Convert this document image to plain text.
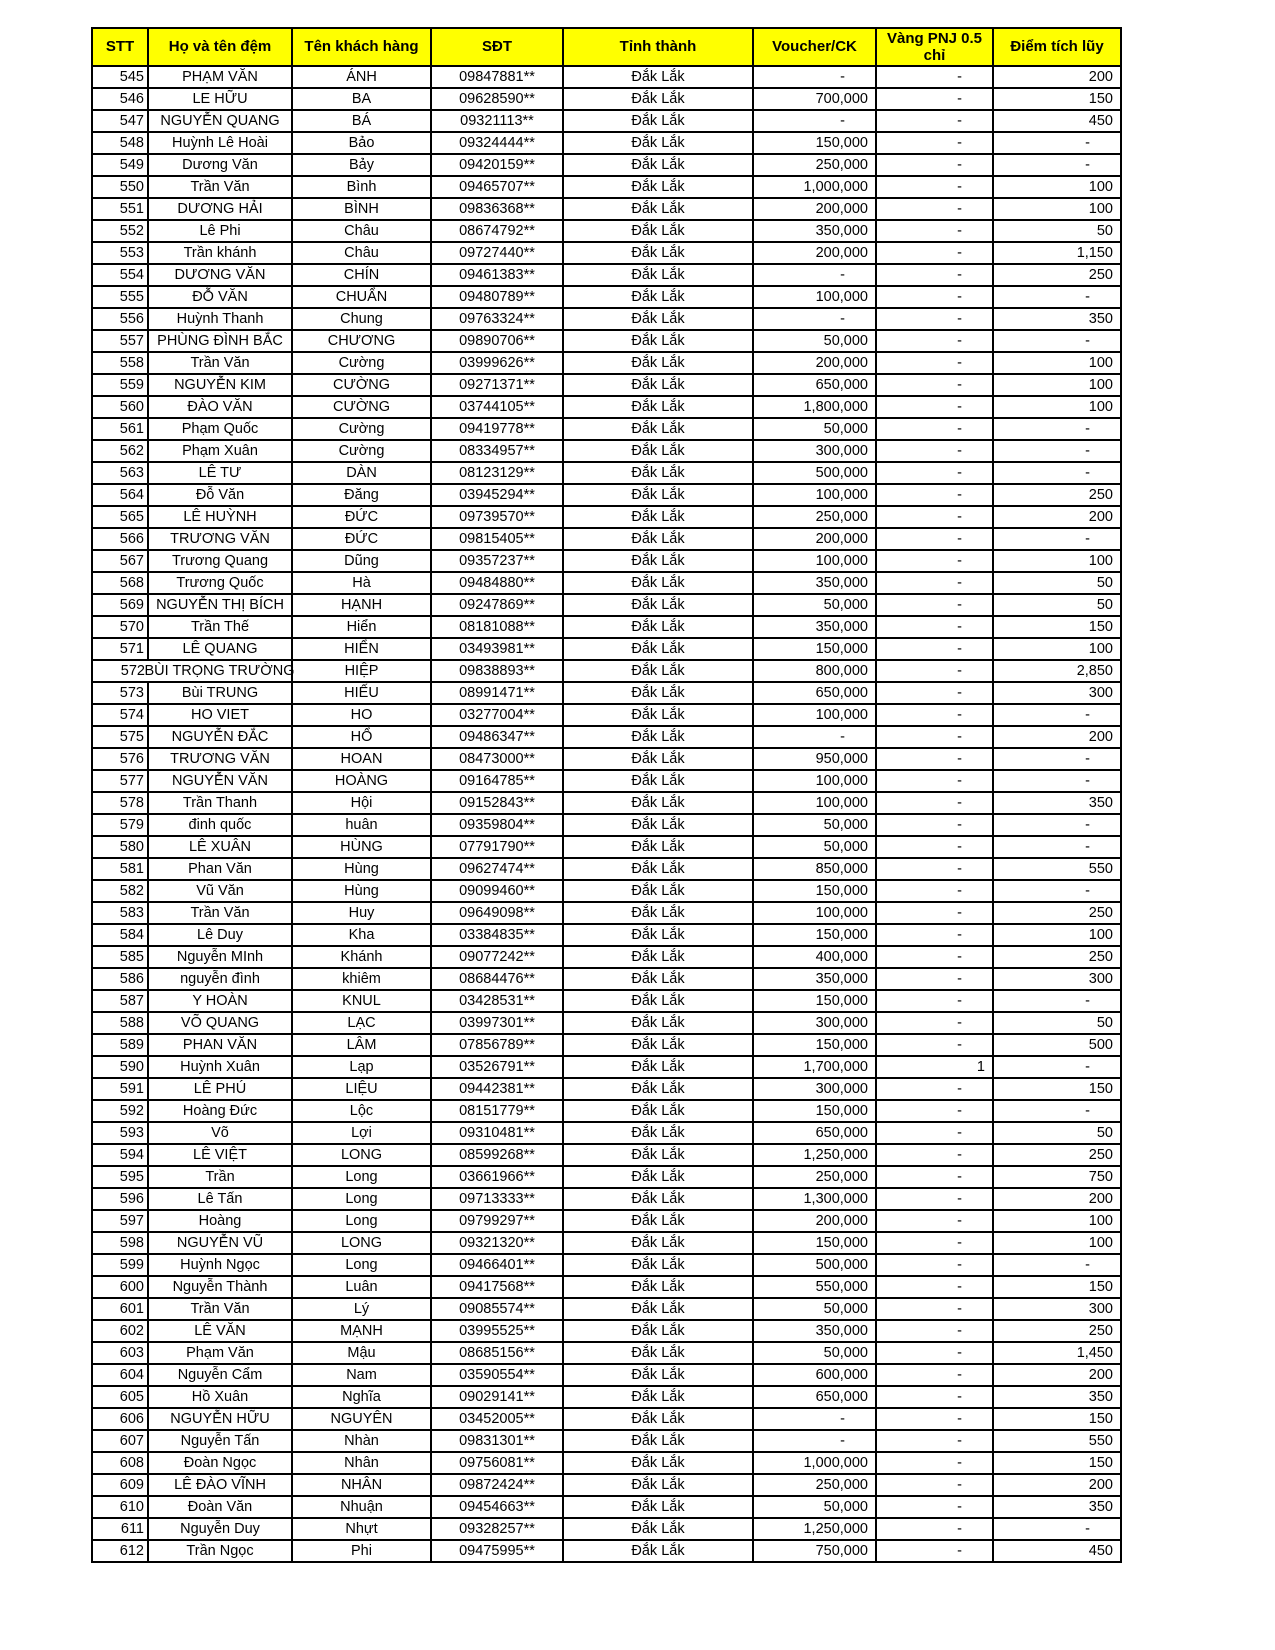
STT	Họ và tên đệm	Tên khách hàng	SĐT	Tỉnh thành	Voucher/CK	Vàng PNJ 0.5 chỉ	Điểm tích lũy
545	PHẠM VĂN	ÁNH	09847881**	Đắk Lắk	-	-	200
546	LE HỮU	BA	09628590**	Đắk Lắk	700,000	-	150
547	NGUYỄN QUANG	BÁ	09321113**	Đắk Lắk	-	-	450
548	Huỳnh Lê Hoài	Bảo	09324444**	Đắk Lắk	150,000	-	-
549	Dương Văn	Bảy	09420159**	Đắk Lắk	250,000	-	-
550	Trần Văn	Bình	09465707**	Đắk Lắk	1,000,000	-	100
551	DƯƠNG HẢI	BÌNH	09836368**	Đắk Lắk	200,000	-	100
552	Lê Phi	Châu	08674792**	Đắk Lắk	350,000	-	50
553	Trần khánh	Châu	09727440**	Đắk Lắk	200,000	-	1,150
554	DƯƠNG VĂN	CHÍN	09461383**	Đắk Lắk	-	-	250
555	ĐỖ VĂN	CHUẨN	09480789**	Đắk Lắk	100,000	-	-
556	Huỳnh Thanh	Chung	09763324**	Đắk Lắk	-	-	350
557	PHÙNG ĐÌNH BẮC	CHƯƠNG	09890706**	Đắk Lắk	50,000	-	-
558	Trần Văn	Cường	03999626**	Đắk Lắk	200,000	-	100
559	NGUYỄN KIM	CƯỜNG	09271371**	Đắk Lắk	650,000	-	100
560	ĐÀO VĂN	CƯỜNG	03744105**	Đắk Lắk	1,800,000	-	100
561	Phạm Quốc	Cường	09419778**	Đắk Lắk	50,000	-	-
562	Phạm Xuân	Cường	08334957**	Đắk Lắk	300,000	-	-
563	LÊ TƯ	DÀN	08123129**	Đắk Lắk	500,000	-	-
564	Đỗ Văn	Đăng	03945294**	Đắk Lắk	100,000	-	250
565	LÊ HUỲNH	ĐỨC	09739570**	Đắk Lắk	250,000	-	200
566	TRƯƠNG VĂN	ĐỨC	09815405**	Đắk Lắk	200,000	-	-
567	Trương Quang	Dũng	09357237**	Đắk Lắk	100,000	-	100
568	Trương Quốc	Hà	09484880**	Đắk Lắk	350,000	-	50
569	NGUYỄN THỊ BÍCH	HẠNH	09247869**	Đắk Lắk	50,000	-	50
570	Trần Thế	Hiển	08181088**	Đắk Lắk	350,000	-	150
571	LÊ QUANG	HIỂN	03493981**	Đắk Lắk	150,000	-	100
572	BÙI TRỌNG TRƯỜNG	HIỆP	09838893**	Đắk Lắk	800,000	-	2,850
573	Bùi TRUNG	HIẾU	08991471**	Đắk Lắk	650,000	-	300
574	HO VIET	HO	03277004**	Đắk Lắk	100,000	-	-
575	NGUYỄN ĐẮC	HỔ	09486347**	Đắk Lắk	-	-	200
576	TRƯƠNG VĂN	HOAN	08473000**	Đắk Lắk	950,000	-	-
577	NGUYỄN VĂN	HOÀNG	09164785**	Đắk Lắk	100,000	-	-
578	Trần Thanh	Hội	09152843**	Đắk Lắk	100,000	-	350
579	đinh quốc	huân	09359804**	Đắk Lắk	50,000	-	-
580	LÊ XUÂN	HÙNG	07791790**	Đắk Lắk	50,000	-	-
581	Phan Văn	Hùng	09627474**	Đắk Lắk	850,000	-	550
582	Vũ Văn	Hùng	09099460**	Đắk Lắk	150,000	-	-
583	Trần Văn	Huy	09649098**	Đắk Lắk	100,000	-	250
584	Lê Duy	Kha	03384835**	Đắk Lắk	150,000	-	100
585	Nguyễn MInh	Khánh	09077242**	Đắk Lắk	400,000	-	250
586	nguyễn đình	khiêm	08684476**	Đắk Lắk	350,000	-	300
587	Y HOÀN	KNUL	03428531**	Đắk Lắk	150,000	-	-
588	VÕ QUANG	LẠC	03997301**	Đắk Lắk	300,000	-	50
589	PHAN VĂN	LÂM	07856789**	Đắk Lắk	150,000	-	500
590	Huỳnh Xuân	Lạp	03526791**	Đắk Lắk	1,700,000	1	-
591	LÊ PHÚ	LIỆU	09442381**	Đắk Lắk	300,000	-	150
592	Hoàng Đức	Lộc	08151779**	Đắk Lắk	150,000	-	-
593	Võ	Lợi	09310481**	Đắk Lắk	650,000	-	50
594	LÊ VIỆT	LONG	08599268**	Đắk Lắk	1,250,000	-	250
595	Trần	Long	03661966**	Đắk Lắk	250,000	-	750
596	Lê Tấn	Long	09713333**	Đắk Lắk	1,300,000	-	200
597	Hoàng	Long	09799297**	Đắk Lắk	200,000	-	100
598	NGUYỄN VŨ	LONG	09321320**	Đắk Lắk	150,000	-	100
599	Huỳnh Ngọc	Long	09466401**	Đắk Lắk	500,000	-	-
600	Nguyễn Thành	Luân	09417568**	Đắk Lắk	550,000	-	150
601	Trần Văn	Lý	09085574**	Đắk Lắk	50,000	-	300
602	LÊ VĂN	MẠNH	03995525**	Đắk Lắk	350,000	-	250
603	Phạm Văn	Mậu	08685156**	Đắk Lắk	50,000	-	1,450
604	Nguyễn Cẩm	Nam	03590554**	Đắk Lắk	600,000	-	200
605	Hồ Xuân	Nghĩa	09029141**	Đắk Lắk	650,000	-	350
606	NGUYỄN HỮU	NGUYÊN	03452005**	Đắk Lắk	-	-	150
607	Nguyễn Tấn	Nhàn	09831301**	Đắk Lắk	-	-	550
608	Đoàn Ngọc	Nhân	09756081**	Đắk Lắk	1,000,000	-	150
609	LÊ ĐÀO VĨNH	NHÂN	09872424**	Đắk Lắk	250,000	-	200
610	Đoàn Văn	Nhuận	09454663**	Đắk Lắk	50,000	-	350
611	Nguyễn Duy	Nhựt	09328257**	Đắk Lắk	1,250,000	-	-
612	Trần Ngọc	Phi	09475995**	Đắk Lắk	750,000	-	450
